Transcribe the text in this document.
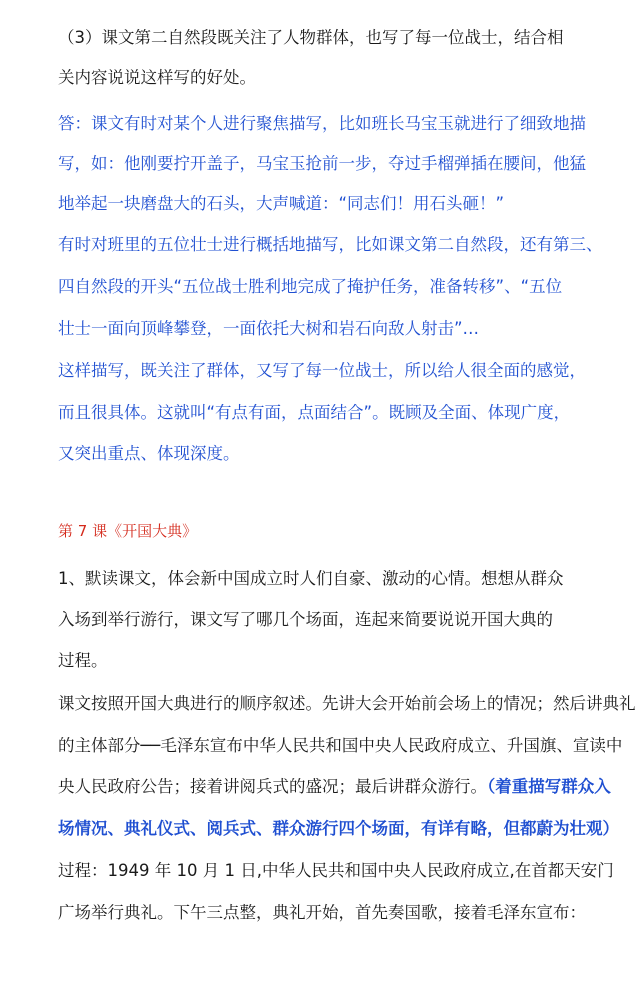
（3）课文第二自然段既关注了人物群体，也写了每一位战士，结合相
关内容说说这样写的好处。
答：课文有时对某个人进行聚焦描写，比如班长马宝玉就进行了细致地描
写，如：他刚要拧开盖子，马宝玉抢前一步，夺过手榴弹插在腰间，他猛
地举起一块磨盘大的石头，大声喊道：“同志们！用石头砸！”
有时对班里的五位壮士进行概括地描写，比如课文第二自然段，还有第三、
四自然段的开头“五位战士胜利地完成了掩护任务，准备转移”、“五位
壮士一面向顶峰攀登，一面依托大树和岩石向敌人射击”…
这样描写，既关注了群体，又写了每一位战士，所以给人很全面的感觉，
而且很具体。这就叫“有点有面，点面结合”。既顾及全面、体现广度，
又突出重点、体现深度。
第 7 课《开国大典》
1、默读课文，体会新中国成立时人们自豪、激动的心情。想想从群众
入场到举行游行，课文写了哪几个场面，连起来简要说说开国大典的
过程。
课文按照开国大典进行的顺序叙述。先讲大会开始前会场上的情况；然后讲典礼
的主体部分──毛泽东宣布中华人民共和国中央人民政府成立、升国旗、宣读中
央人民政府公告；接着讲阅兵式的盛况；最后讲群众游行。（着重描写群众入
场情况、典礼仪式、阅兵式、群众游行四个场面，有详有略，但都蔚为壮观）
过程：1949 年 10 月 1 日,中华人民共和国中央人民政府成立,在首都天安门
广场举行典礼。下午三点整，典礼开始，首先奏国歌，接着毛泽东宣布：
